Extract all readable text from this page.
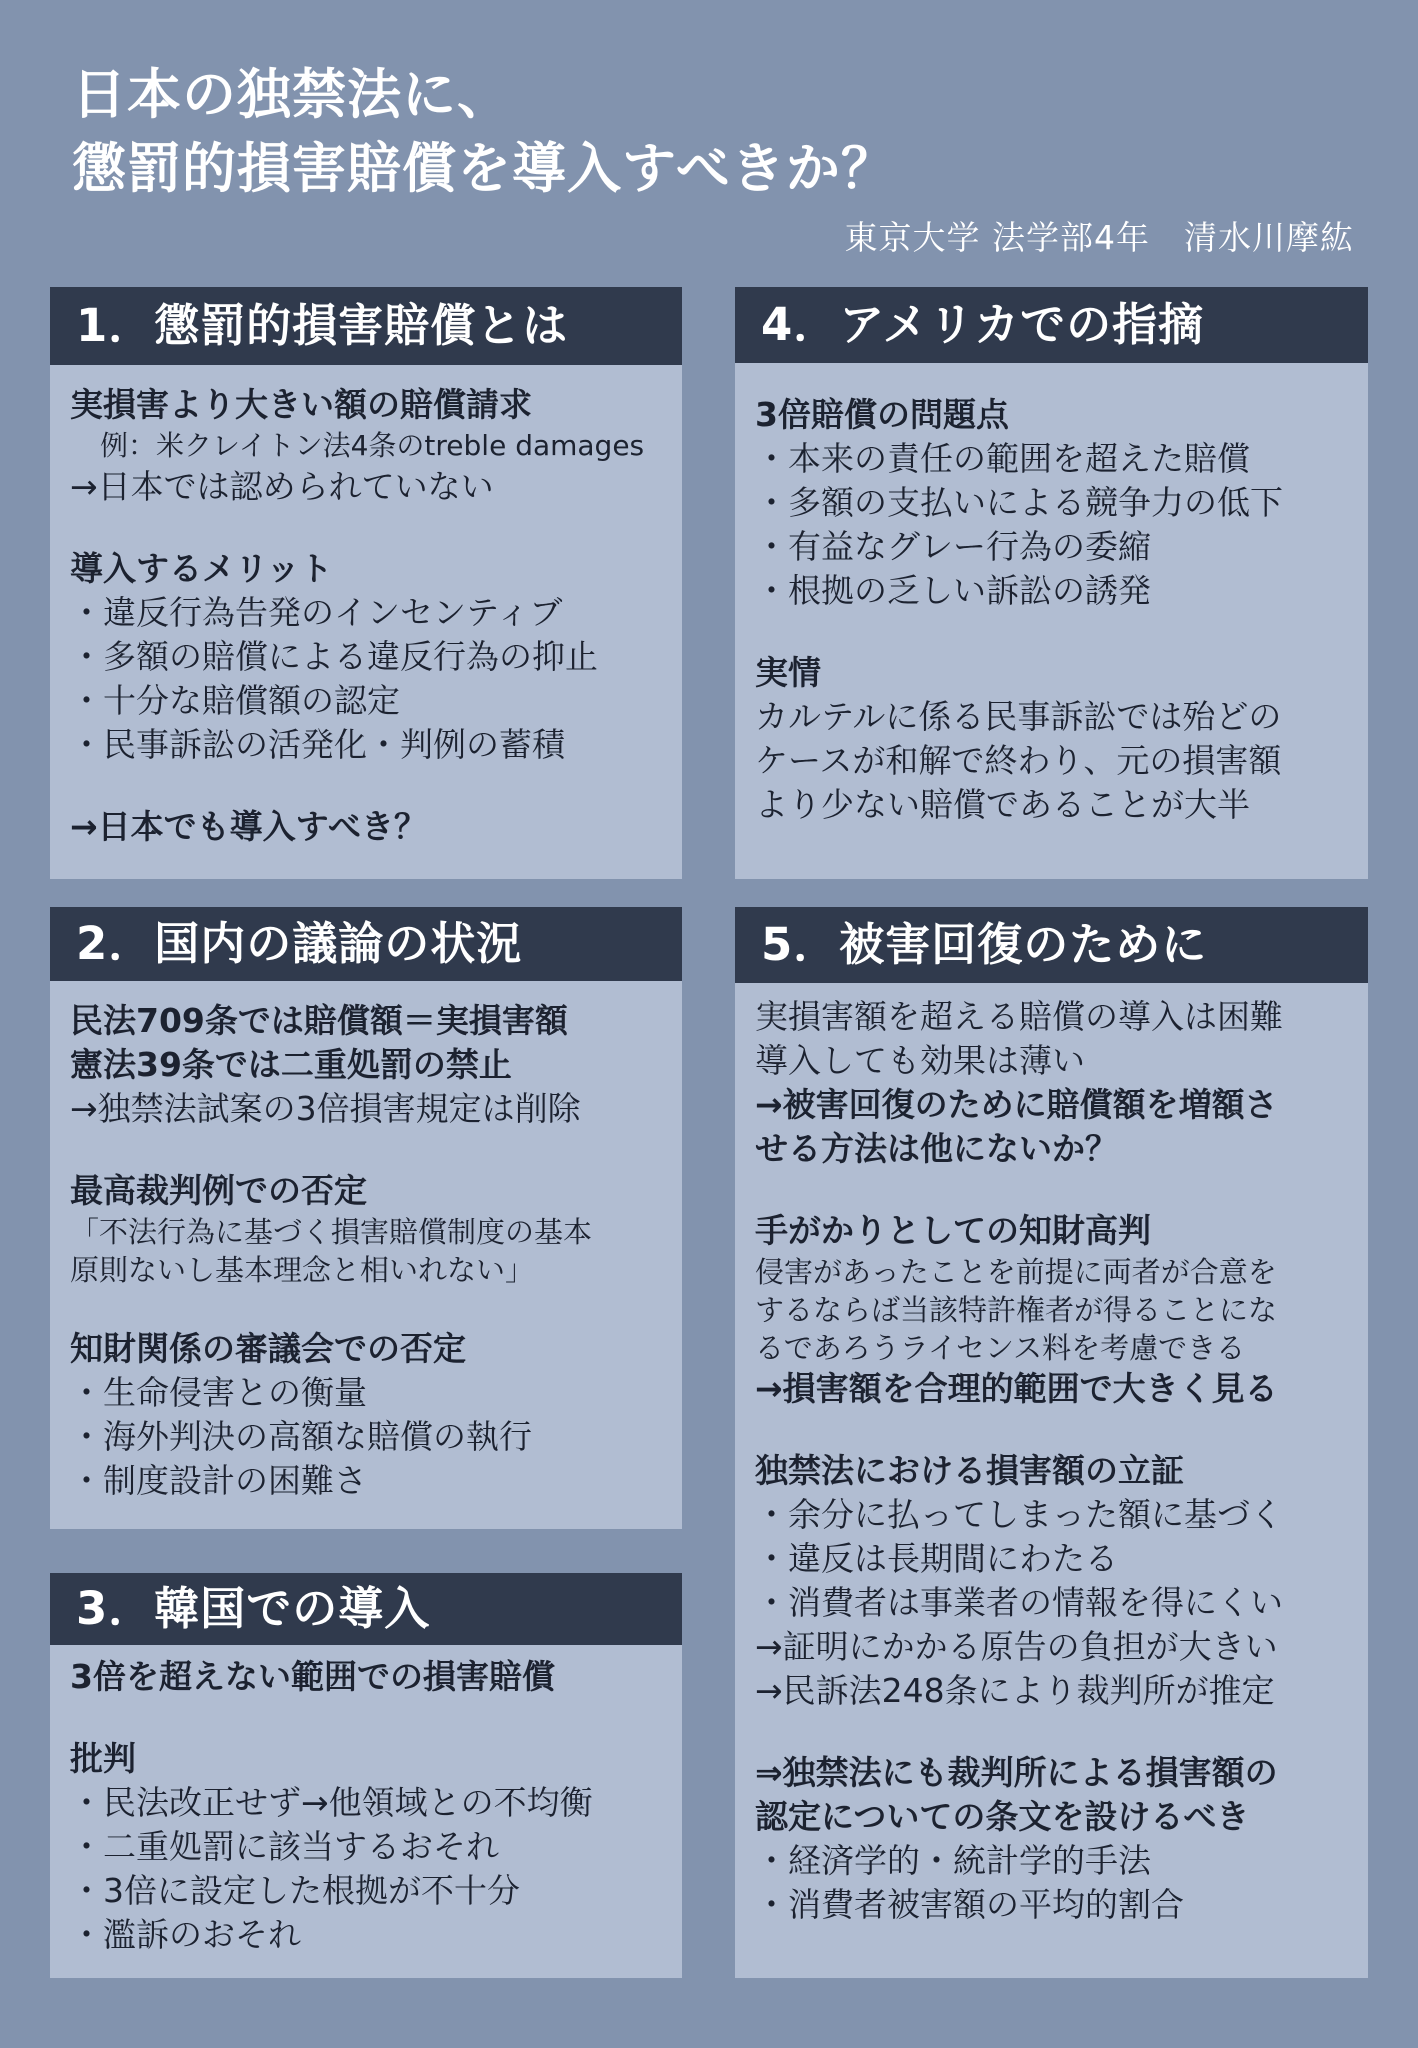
日本の独禁法に、
懲罰的損害賠償を導入すべきか？
東京大学 法学部4年　清水川摩紘
1．懲罰的損害賠償とは
実損害より大きい額の賠償請求
例：米クレイトン法4条のtreble damages
→日本では認められていない
導入するメリット
・違反行為告発のインセンティブ
・多額の賠償による違反行為の抑止
・十分な賠償額の認定
・民事訴訟の活発化・判例の蓄積
→日本でも導入すべき？
2．国内の議論の状況
民法709条では賠償額＝実損害額
憲法39条では二重処罰の禁止
→独禁法試案の3倍損害規定は削除
最高裁判例での否定
「不法行為に基づく損害賠償制度の基本
原則ないし基本理念と相いれない」
知財関係の審議会での否定
・生命侵害との衡量
・海外判決の高額な賠償の執行
・制度設計の困難さ
3．韓国での導入
3倍を超えない範囲での損害賠償
批判
・民法改正せず→他領域との不均衡
・二重処罰に該当するおそれ
・3倍に設定した根拠が不十分
・濫訴のおそれ
4．アメリカでの指摘
3倍賠償の問題点
・本来の責任の範囲を超えた賠償
・多額の支払いによる競争力の低下
・有益なグレー行為の委縮
・根拠の乏しい訴訟の誘発
実情
カルテルに係る民事訴訟では殆どの
ケースが和解で終わり、元の損害額
より少ない賠償であることが大半
5．被害回復のために
実損害額を超える賠償の導入は困難
導入しても効果は薄い
→被害回復のために賠償額を増額さ
せる方法は他にないか？
手がかりとしての知財高判
侵害があったことを前提に両者が合意を
するならば当該特許権者が得ることにな
るであろうライセンス料を考慮できる
→損害額を合理的範囲で大きく見る
独禁法における損害額の立証
・余分に払ってしまった額に基づく
・違反は長期間にわたる
・消費者は事業者の情報を得にくい
→証明にかかる原告の負担が大きい
→民訴法248条により裁判所が推定
⇒独禁法にも裁判所による損害額の
認定についての条文を設けるべき
・経済学的・統計学的手法
・消費者被害額の平均的割合
